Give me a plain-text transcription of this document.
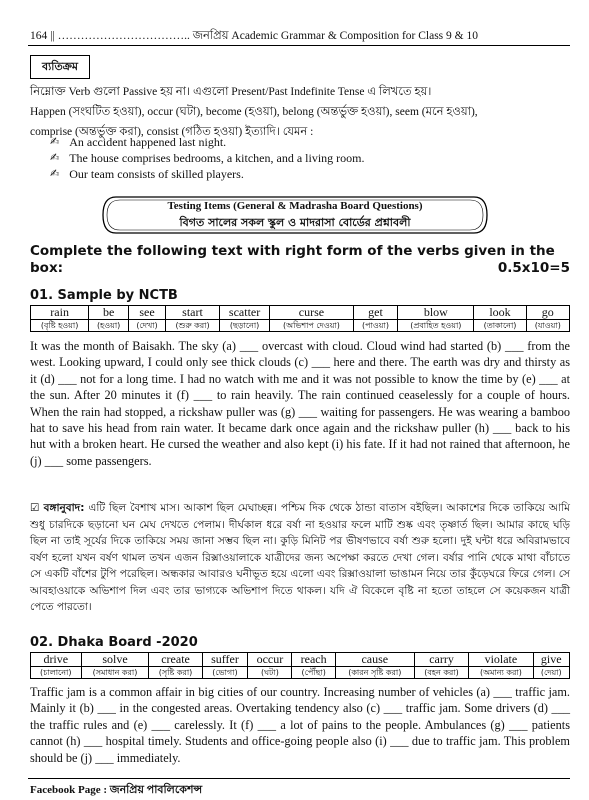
164 || …………………………….. জনপ্রিয় Academic Grammar & Composition for Class 9 & 10
ব্যতিক্রম
নিম্নোক্ত Verb গুলো Passive হয় না। এগুলো Present/Past Indefinite Tense এ লিখতে হয়।
Happen (সংঘটিত হওয়া), occur (ঘটা), become (হওয়া), belong (অন্তর্ভুক্ত হওয়া), seem (মনে হওয়া),
comprise (অন্তর্ভুক্ত করা), consist (গঠিত হওয়া) ইত্যাদি। যেমন :
✍ An accident happened last night.
✍ The house comprises bedrooms, a kitchen, and a living room.
✍ Our team consists of skilled players.
Testing Items (General & Madrasha Board Questions)
বিগত সালের সকল স্কুল ও মাদরাসা বোর্ডের প্রশ্নাবলী
Complete the following text with right form of the verbs given in the
box:	0.5x10=5
01. Sample by NCTB
rain	be	see	start	scatter	curse	get	blow	look	go
(বৃষ্টি হওয়া)	(হওয়া)	(দেখা)	(শুরু করা)	(ছড়ানো)	(অভিশাপ দেওয়া)	(পাওয়া)	(প্রবাহিত হওয়া)	(তাকানো)	(যাওয়া)
It was the month of Baisakh. The sky (a) ___ overcast with cloud. Cloud wind had started (b) ___ from the west. Looking upward, I could only see thick clouds (c) ___ here and there. The earth was dry and thirsty as it (d) ___ not for a long time. I had no watch with me and it was not possible to know the time by (e) ___ at the sun. After 20 minutes it (f) ___ to rain heavily. The rain continued ceaselessly for a couple of hours. When the rain had stopped, a rickshaw puller was (g) ___ waiting for passengers. He was wearing a bamboo hat to save his head from rain water. It became dark once again and the rickshaw puller (h) ___ back to his hut with a broken heart. He cursed the weather and also kept (i) his fate. If it had not rained that afternoon, he (j) ___ some passengers.
☑ বঙ্গানুবাদ: এটি ছিল বৈশাখ মাস। আকাশ ছিল মেঘাচ্ছন্ন। পশ্চিম দিক থেকে ঠান্ডা বাতাস বইছিল। আকাশের দিকে তাকিয়ে আমি শুধু চারদিকে ছড়ানো ঘন মেঘ দেখতে পেলাম। দীর্ঘকাল ধরে বর্ষা না হওয়ার ফলে মাটি শুষ্ক এবং তৃষ্ণার্ত ছিল। আমার কাছে ঘড়ি ছিল না তাই সূর্যের দিকে তাকিয়ে সময় জানা সম্ভব ছিল না। কুড়ি মিনিট পর ভীষণভাবে বর্ষা শুরু হলো। দুই ঘন্টা ধরে অবিরামভাবে বর্ষণ হলো যখন বর্ষণ থামল তখন এজন রিক্সাওয়ালাকে যাত্রীদের জন্য অপেক্ষা করতে দেখা গেল। বর্ষার পানি থেকে মাথা বাঁচাতে সে একটি বাঁশের টুপি পরেছিল। অন্ধকার আবারও ঘনীভূত হয়ে এলো এবং রিক্সাওয়ালা ভাঙামন নিয়ে তার কুঁড়েঘরে ফিরে গেল। সে আবহাওয়াকে অভিশাপ দিল এবং তার ভাগ্যকে অভিশাপ দিতে থাকল। যদি ঐ বিকেলে বৃষ্টি না হতো তাহলে সে কয়েকজন যাত্রী পেতে পারতো।
02. Dhaka Board -2020
drive	solve	create	suffer	occur	reach	cause	carry	violate	give
(চালানো)	(সমাধান করা)	(সৃষ্টি করা)	(ভোগা)	(ঘটা)	(পৌঁছা)	(কারন সৃষ্টি করা)	(বহন করা)	(অমান্য করা)	(দেয়া)
Traffic jam is a common affair in big cities of our country. Increasing number of vehicles (a) ___ traffic jam. Mainly it (b) ___ in the congested areas. Overtaking tendency also (c) ___ traffic jam. Some drivers (d) ___ the traffic rules and (e) ___ carelessly. It (f) ___ a lot of pains to the people. Ambulances (g) ___ patients cannot (h) ___ hospital timely. Students and office-going people also (i) ___ due to traffic jam. This problem should be (j) ___ immediately.
Facebook Page : জনপ্রিয় পাবলিকেশন্স
